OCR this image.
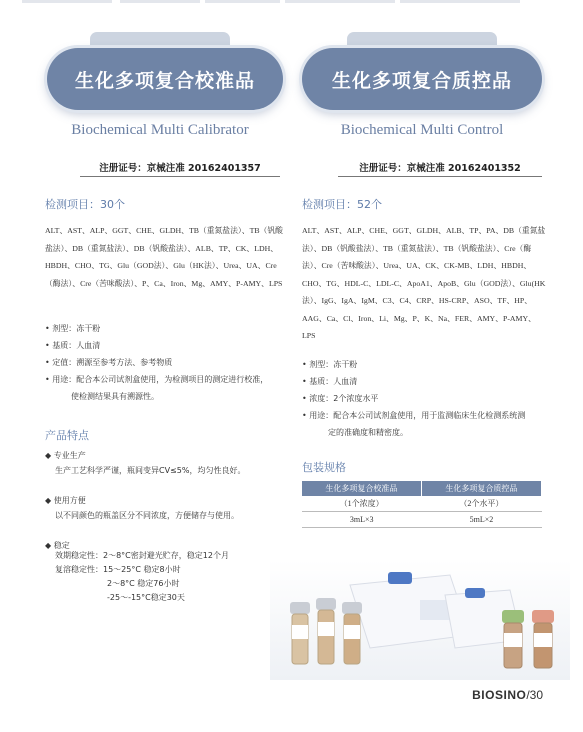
生化多项复合校准品
Biochemical Multi Calibrator
注册证号：京械注准 20162401357
检测项目：30个
ALT、AST、ALP、GGT、CHE、GLDH、TB（重氮盐法）、TB（钒酸盐法）、DB（重氮盐法）、DB（钒酸盐法）、ALB、TP、CK、LDH、HBDH、CHO、TG、Glu（GOD法）、Glu（HK法）、Urea、UA、Cre（酶法）、Cre（苦味酸法）、P、Ca、Iron、Mg、AMY、P-AMY、LPS
• 剂型：冻干粉
• 基质：人血清
• 定值：溯源至参考方法、参考物质
• 用途：配合本公司试剂盒使用，为检测项目的测定进行校准，
使检测结果具有溯源性。
产品特点
◆ 专业生产
生产工艺科学严谨，瓶间变异CV≤5%，均匀性良好。
◆ 使用方便
以不同颜色的瓶盖区分不同浓度，方便储存与使用。
◆ 稳定
效期稳定性：2～8°C密封避光贮存，稳定12个月
复溶稳定性：15～25°C 稳定8小时
2～8°C 稳定76小时
-25～-15°C稳定30天
生化多项复合质控品
Biochemical Multi Control
注册证号：京械注准 20162401352
检测项目：52个
ALT、AST、ALP、CHE、GGT、GLDH、ALB、TP、PA、DB（重氮盐法）、DB（钒酸盐法）、TB（重氮盐法）、TB（钒酸盐法）、Cre（酶法）、Cre（苦味酸法）、Urea、UA、CK、CK-MB、LDH、HBDH、CHO、TG、HDL-C、LDL-C、ApoA1、ApoB、Glu（GOD法）、Glu(HK法）、IgG、IgA、IgM、C3、C4、CRP、HS-CRP、ASO、TF、HP、AAG、Ca、Cl、Iron、Li、Mg、P、K、Na、FER、AMY、P-AMY、LPS
• 剂型：冻干粉
• 基质：人血清
• 浓度：2个浓度水平
• 用途：配合本公司试剂盒使用，用于监测临床生化检测系统测
定的准确度和精密度。
包装规格
生化多项复合校准品	生化多项复合质控品
（1个浓度）	（2个水平）
3mL×3	5mL×2
BIOSINO/30
